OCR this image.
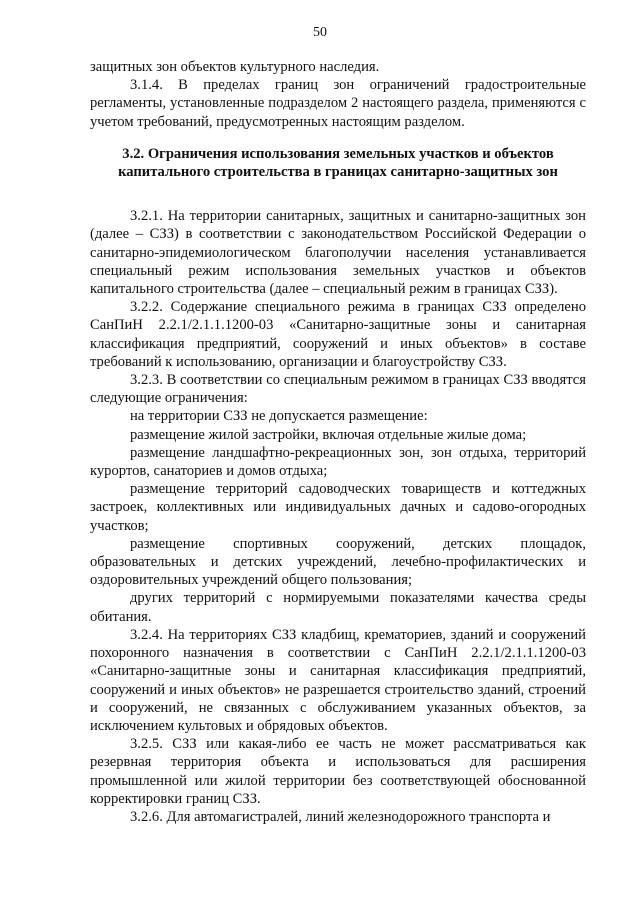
50

защитных зон объектов культурного наследия.

3.1.4. В пределах границ зон ограничений градостроительные регламенты, установленные подразделом 2 настоящего раздела, применяются с учетом требований, предусмотренных настоящим разделом.

3.2. Ограничения использования земельных участков и объектов капитального строительства в границах санитарно-защитных зон

3.2.1. На территории санитарных, защитных и санитарно-защитных зон (далее – СЗЗ) в соответствии с законодательством Российской Федерации о санитарно-эпидемиологическом благополучии населения устанавливается специальный режим использования земельных участков и объектов капитального строительства (далее – специальный режим в границах СЗЗ).

3.2.2. Содержание специального режима в границах СЗЗ определено СанПиН 2.2.1/2.1.1.1200-03 «Санитарно-защитные зоны и санитарная классификация предприятий, сооружений и иных объектов» в составе требований к использованию, организации и благоустройству СЗЗ.

3.2.3. В соответствии со специальным режимом в границах СЗЗ вводятся следующие ограничения:

на территории СЗЗ не допускается размещение:

размещение жилой застройки, включая отдельные жилые дома;

размещение ландшафтно-рекреационных зон, зон отдыха, территорий курортов, санаториев и домов отдыха;

размещение территорий садоводческих товариществ и коттеджных застроек, коллективных или индивидуальных дачных и садово-огородных участков;

размещение спортивных сооружений, детских площадок, образовательных и детских учреждений, лечебно-профилактических и оздоровительных учреждений общего пользования;

других территорий с нормируемыми показателями качества среды обитания.

3.2.4. На территориях СЗЗ кладбищ, крематориев, зданий и сооружений похоронного назначения в соответствии с СанПиН 2.2.1/2.1.1.1200-03 «Санитарно-защитные зоны и санитарная классификация предприятий, сооружений и иных объектов» не разрешается строительство зданий, строений и сооружений, не связанных с обслуживанием указанных объектов, за исключением культовых и обрядовых объектов.

3.2.5. СЗЗ или какая-либо ее часть не может рассматриваться как резервная территория объекта и использоваться для расширения промышленной или жилой территории без соответствующей обоснованной корректировки границ СЗЗ.

3.2.6. Для автомагистралей, линий железнодорожного транспорта и
